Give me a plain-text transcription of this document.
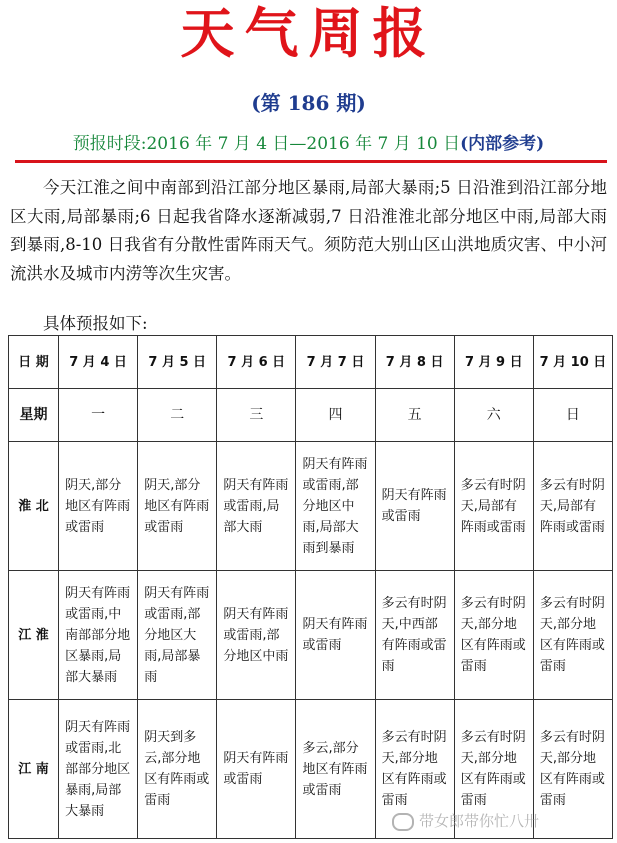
天气周报
(第 186 期)
预报时段:2016 年 7 月 4 日—2016 年 7 月 10 日(内部参考)

今天江淮之间中南部到沿江部分地区暴雨,局部大暴雨;5 日沿淮到沿江部分地区大雨,局部暴雨;6 日起我省降水逐渐减弱,7 日沿淮淮北部分地区中雨,局部大雨到暴雨,8-10 日我省有分散性雷阵雨天气。须防范大别山区山洪地质灾害、中小河流洪水及城市内涝等次生灾害。

具体预报如下:
日 期	7 月 4 日	7 月 5 日	7 月 6 日	7 月 7 日	7 月 8 日	7 月 9 日	7 月 10 日
星期	一	二	三	四	五	六	日
淮 北	阴天,部分地区有阵雨或雷雨	阴天,部分地区有阵雨或雷雨	阴天有阵雨或雷雨,局部大雨	阴天有阵雨或雷雨,部分地区中雨,局部大雨到暴雨	阴天有阵雨或雷雨	多云有时阴天,局部有阵雨或雷雨	多云有时阴天,局部有阵雨或雷雨
江 淮	阴天有阵雨或雷雨,中南部部分地区暴雨,局部大暴雨	阴天有阵雨或雷雨,部分地区大雨,局部暴雨	阴天有阵雨或雷雨,部分地区中雨	阴天有阵雨或雷雨	多云有时阴天,中西部有阵雨或雷雨	多云有时阴天,部分地区有阵雨或雷雨	多云有时阴天,部分地区有阵雨或雷雨
江 南	阴天有阵雨或雷雨,北部部分地区暴雨,局部大暴雨	阴天到多云,部分地区有阵雨或雷雨	阴天有阵雨或雷雨	多云,部分地区有阵雨或雷雨	多云有时阴天,部分地区有阵雨或雷雨	多云有时阴天,部分地区有阵雨或雷雨	多云有时阴天,部分地区有阵雨或雷雨
带女郎带你忙八卅
